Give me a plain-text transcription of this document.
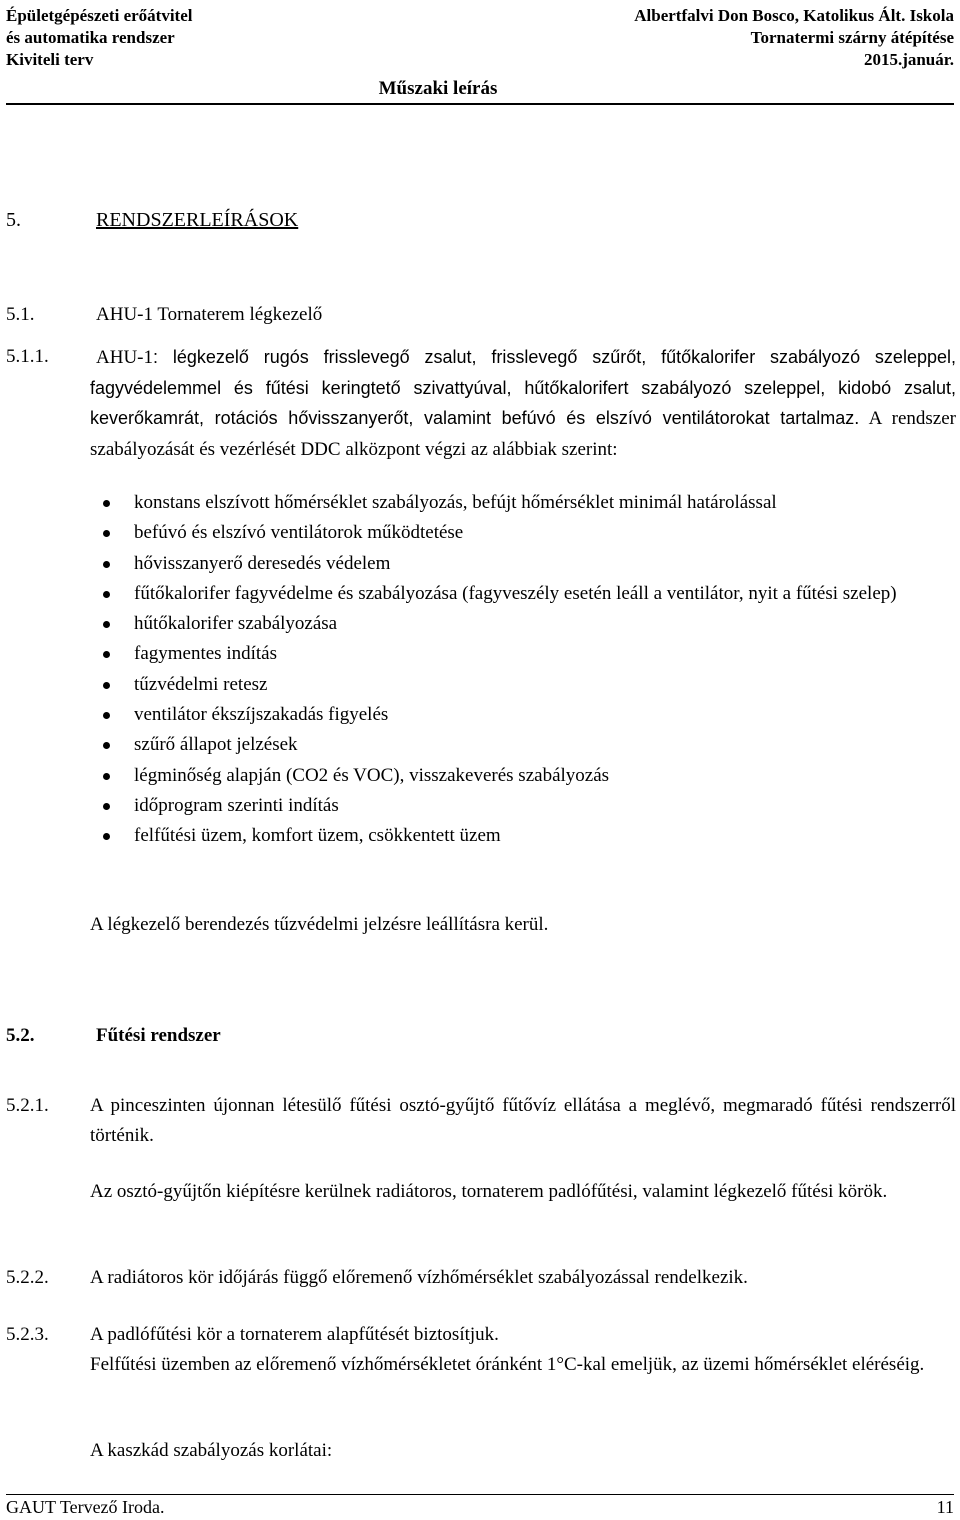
Épületgépészeti erőátvitel
és automatika rendszer
Kiviteli terv
Albertfalvi Don Bosco, Katolikus Ált. Iskola
Tornatermi szárny átépítése
2015.január.
Műszaki leírás
5.	RENDSZERLEÍRÁSOK
5.1.	AHU-1 Tornaterem légkezelő
5.1.1.	AHU-1: légkezelő rugós frisslevegő zsalut, frisslevegő szűrőt, fűtőkalorifer szabályozó szeleppel, fagyvédelemmel és fűtési keringtető szivattyúval, hűtőkalorifert szabályozó szeleppel, kidobó zsalut, keverőkamrát, rotációs hővisszanyerőt, valamint befúvó és elszívó ventilátorokat tartalmaz. A rendszer szabályozását és vezérlését DDC alközpont végzi az alábbiak szerint:
konstans elszívott hőmérséklet szabályozás, befújt hőmérséklet minimál határolással
befúvó és elszívó ventilátorok működtetése
hővisszanyerő deresedés védelem
fűtőkalorifer fagyvédelme és szabályozása (fagyveszély esetén leáll a ventilátor, nyit a fűtési szelep)
hűtőkalorifer szabályozása
fagymentes indítás
tűzvédelmi retesz
ventilátor ékszíjszakadás figyelés
szűrő állapot jelzések
légminőség alapján (CO2 és VOC), visszakeverés szabályozás
időprogram szerinti indítás
felfűtési üzem, komfort üzem, csökkentett üzem
A légkezelő berendezés tűzvédelmi jelzésre leállításra kerül.
5.2.	Fűtési rendszer
5.2.1. A pinceszinten újonnan létesülő fűtési osztó-gyűjtő fűtővíz ellátása a meglévő, megmaradó fűtési rendszerről történik.
Az osztó-gyűjtőn kiépítésre kerülnek radiátoros, tornaterem padlófűtési, valamint légkezelő fűtési körök.
5.2.2. A radiátoros kör időjárás függő előremenő vízhőmérséklet szabályozással rendelkezik.
5.2.3. A padlófűtési kör a tornaterem alapfűtését biztosítjuk.
Felfűtési üzemben az előremenő vízhőmérsékletet óránként 1°C-kal emeljük, az üzemi hőmérséklet eléréséig.
A kaszkád szabályozás korlátai:
GAUT Tervező Iroda.	11
